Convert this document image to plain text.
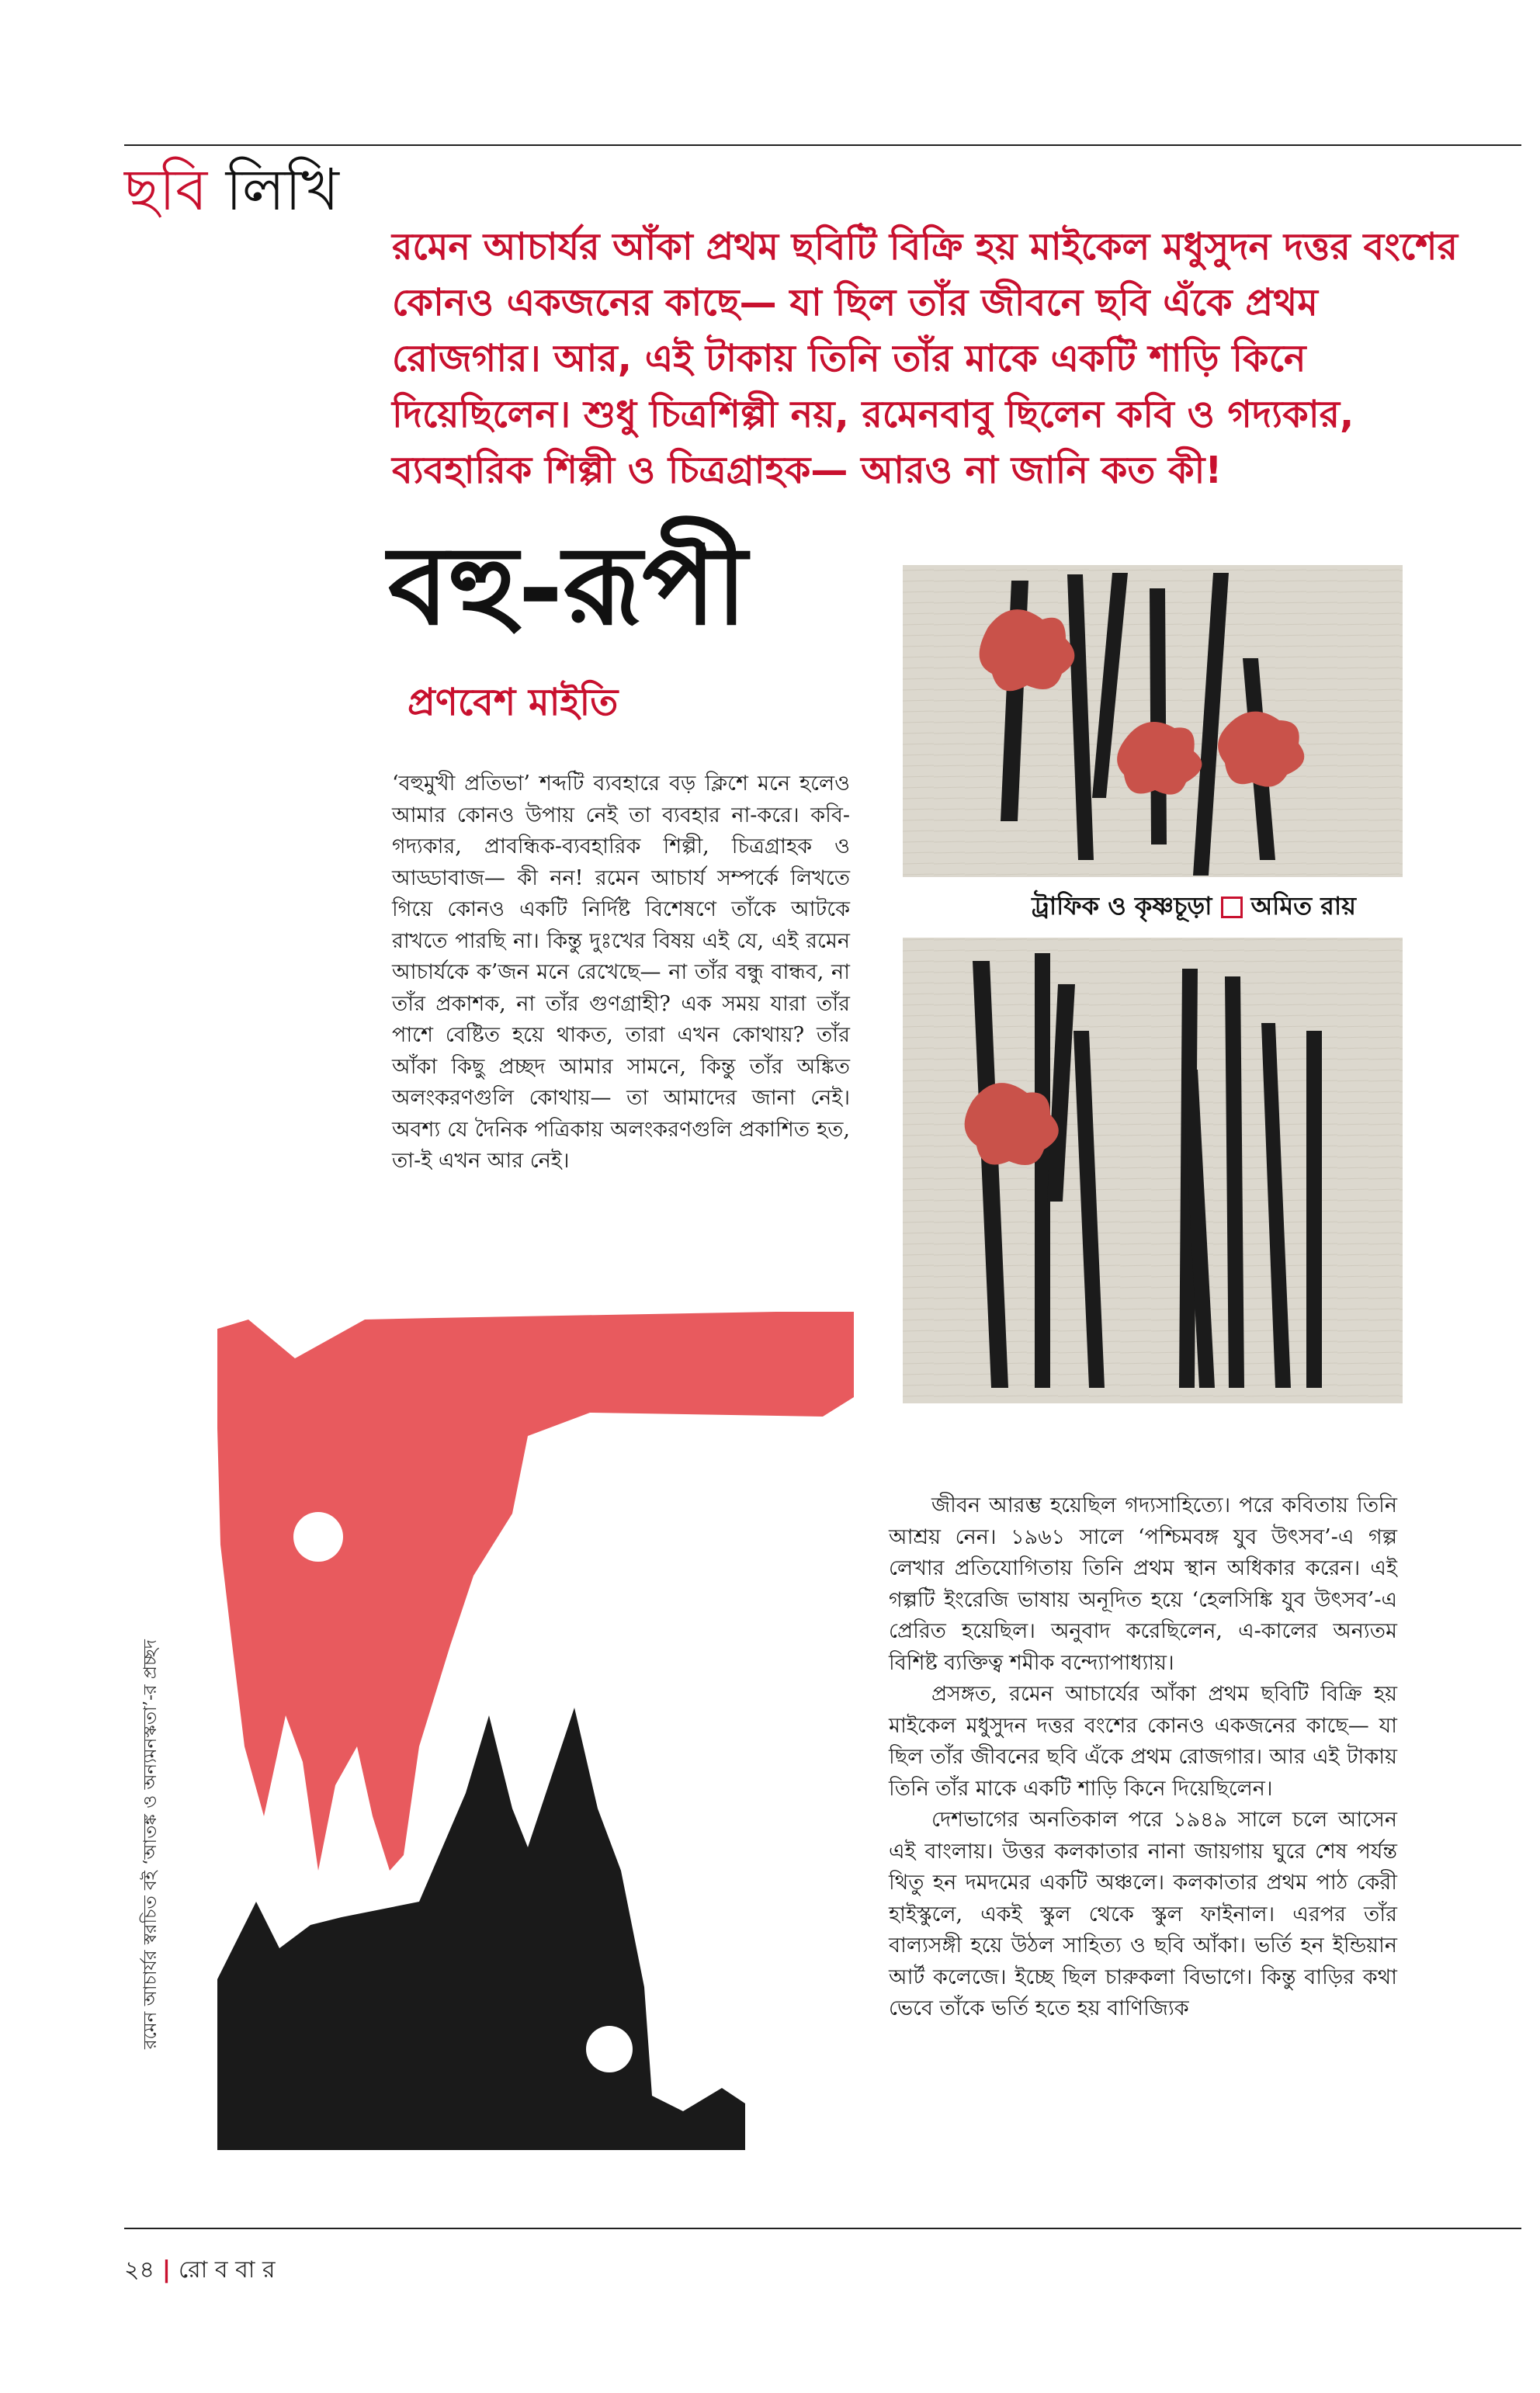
ছবি লিখি
রমেন আচার্যর আঁকা প্রথম ছবিটি বিক্রি হয় মাইকেল মধুসুদন দত্তর বংশের কোনও একজনের কাছে— যা ছিল তাঁর জীবনে ছবি এঁকে প্রথম রোজগার। আর, এই টাকায় তিনি তাঁর মাকে একটি শাড়ি কিনে দিয়েছিলেন। শুধু চিত্রশিল্পী নয়, রমেনবাবু ছিলেন কবি ও গদ্যকার, ব্যবহারিক শিল্পী ও চিত্রগ্রাহক— আরও না জানি কত কী!
বহু-রূপী
প্রণবেশ মাইতি

‘বহুমুখী প্রতিভা’ শব্দটি ব্যবহারে বড় ক্লিশে মনে হলেও আমার কোনও উপায় নেই তা ব্যবহার না-করে। কবি-গদ্যকার, প্রাবন্ধিক-ব্যবহারিক শিল্পী, চিত্রগ্রাহক ও আড্ডাবাজ— কী নন! রমেন আচার্য সম্পর্কে লিখতে গিয়ে কোনও একটি নির্দিষ্ট বিশেষণে তাঁকে আটকে রাখতে পারছি না। কিন্তু দুঃখের বিষয় এই যে, এই রমেন আচার্যকে ক’জন মনে রেখেছে— না তাঁর বন্ধু বান্ধব, না তাঁর প্রকাশক, না তাঁর গুণগ্রাহী? এক সময় যারা তাঁর পাশে বেষ্টিত হয়ে থাকত, তারা এখন কোথায়? তাঁর আঁকা কিছু প্রচ্ছদ আমার সামনে, কিন্তু তাঁর অঙ্কিত অলংকরণগুলি কোথায়— তা আমাদের জানা নেই। অবশ্য যে দৈনিক পত্রিকায় অলংকরণগুলি প্রকাশিত হত, তা-ই এখন আর নেই।

ট্রাফিক ও কৃষ্ণচূড়া অমিত রায়
রমেন আচার্যর স্বরচিত বই ‘আতঙ্ক ও অন্যমনস্কতা’-র প্রচ্ছদ

জীবন আরম্ভ হয়েছিল গদ্যসাহিত্যে। পরে কবিতায় তিনি আশ্রয় নেন। ১৯৬১ সালে ‘পশ্চিমবঙ্গ যুব উৎসব’-এ গল্প লেখার প্রতিযোগিতায় তিনি প্রথম স্থান অধিকার করেন। এই গল্পটি ইংরেজি ভাষায় অনূদিত হয়ে ‘হেলসিঙ্কি যুব উৎসব’-এ প্রেরিত হয়েছিল। অনুবাদ করেছিলেন, এ-কালের অন্যতম বিশিষ্ট ব্যক্তিত্ব শমীক বন্দ্যোপাধ্যায়।

প্রসঙ্গত, রমেন আচার্যের আঁকা প্রথম ছবিটি বিক্রি হয় মাইকেল মধুসুদন দত্তর বংশের কোনও একজনের কাছে— যা ছিল তাঁর জীবনের ছবি এঁকে প্রথম রোজগার। আর এই টাকায় তিনি তাঁর মাকে একটি শাড়ি কিনে দিয়েছিলেন।

দেশভাগের অনতিকাল পরে ১৯৪৯ সালে চলে আসেন এই বাংলায়। উত্তর কলকাতার নানা জায়গায় ঘুরে শেষ পর্যন্ত থিতু হন দমদমের একটি অঞ্চলে। কলকাতার প্রথম পাঠ কেরী হাইস্কুলে, একই স্কুল থেকে স্কুল ফাইনাল। এরপর তাঁর বাল্যসঙ্গী হয়ে উঠল সাহিত্য ও ছবি আঁকা। ভর্তি হন ইন্ডিয়ান আর্ট কলেজে। ইচ্ছে ছিল চারুকলা বিভাগে। কিন্তু বাড়ির কথা ভেবে তাঁকে ভর্তি হতে হয় বাণিজ্যিক

২৪ | রো ব বা র
